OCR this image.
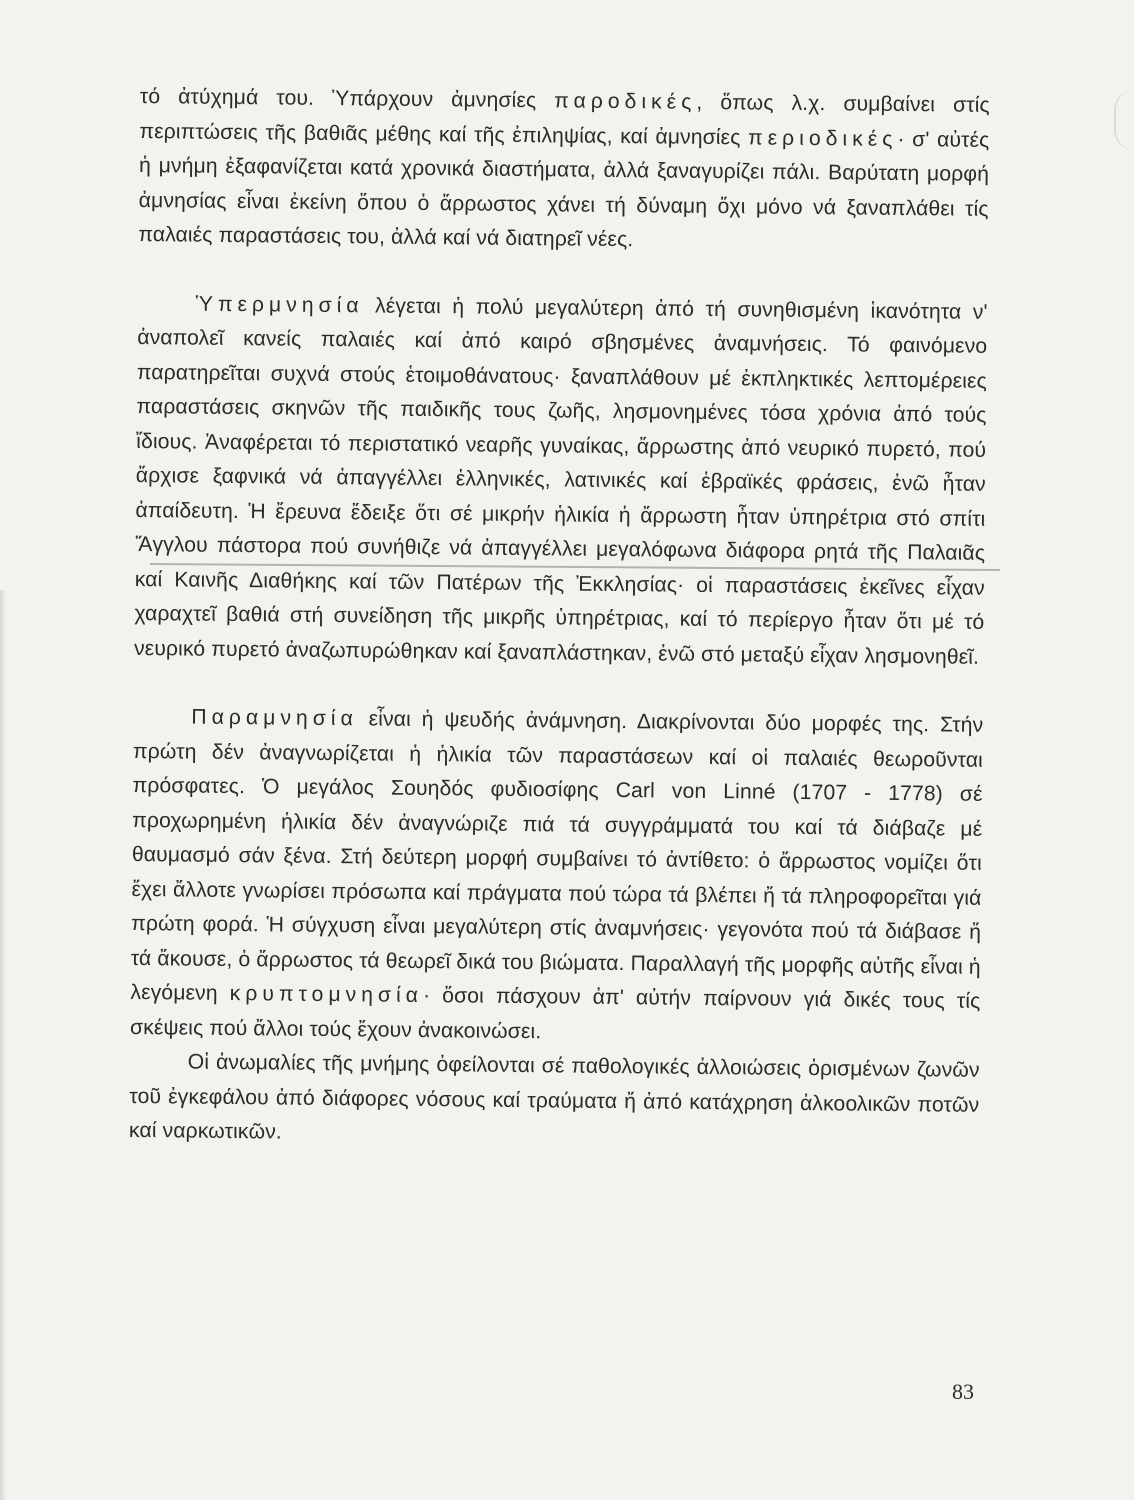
τό ἀτύχημά του. Ὑπάρχουν ἀμνησίες παροδικές, ὅπως λ.χ. συμβαίνει στίς περιπτώσεις τῆς βαθιᾶς μέθης καί τῆς ἐπιληψίας, καί ἀμνησίες περιοδικές· σ' αὐτές ἡ μνήμη ἐξαφανίζεται κατά χρονικά διαστήματα, ἀλλά ξαναγυρίζει πάλι. Βαρύτατη μορφή ἀμνησίας εἶναι ἐκείνη ὅπου ὁ ἄρρωστος χάνει τή δύναμη ὄχι μόνο νά ξαναπλάθει τίς παλαιές παραστάσεις του, ἀλλά καί νά διατηρεῖ νέες.

Ὑπερμνησία λέγεται ἡ πολύ μεγαλύτερη ἀπό τή συνηθισμένη ἱκανότητα ν' ἀναπολεῖ κανείς παλαιές καί ἀπό καιρό σβησμένες ἀναμνήσεις. Τό φαινόμενο παρατηρεῖται συχνά στούς ἑτοιμοθάνατους· ξαναπλάθουν μέ ἐκπληκτικές λεπτομέρειες παραστάσεις σκηνῶν τῆς παιδικῆς τους ζωῆς, λησμονημένες τόσα χρόνια ἀπό τούς ἴδιους. Ἀναφέρεται τό περιστατικό νεαρῆς γυναίκας, ἄρρωστης ἀπό νευρικό πυρετό, πού ἄρχισε ξαφνικά νά ἀπαγγέλλει ἑλληνικές, λατινικές καί ἑβραϊκές φράσεις, ἐνῶ ἦταν ἀπαίδευτη. Ἡ ἔρευνα ἔδειξε ὅτι σέ μικρήν ἡλικία ἡ ἄρρωστη ἦταν ὑπηρέτρια στό σπίτι Ἄγγλου πάστορα πού συνήθιζε νά ἀπαγγέλλει μεγαλόφωνα διάφορα ρητά τῆς Παλαιᾶς καί Καινῆς Διαθήκης καί τῶν Πατέρων τῆς Ἐκκλησίας· οἱ παραστάσεις ἐκεῖνες εἶχαν χαραχτεῖ βαθιά στή συνείδηση τῆς μικρῆς ὑπηρέτριας, καί τό περίεργο ἦταν ὅτι μέ τό νευρικό πυρετό ἀναζωπυρώθηκαν καί ξαναπλάστηκαν, ἐνῶ στό μεταξύ εἶχαν λησμονηθεῖ.

Παραμνησία εἶναι ἡ ψευδής ἀνάμνηση. Διακρίνονται δύο μορφές της. Στήν πρώτη δέν ἀναγνωρίζεται ἡ ἡλικία τῶν παραστάσεων καί οἱ παλαιές θεωροῦνται πρόσφατες. Ὁ μεγάλος Σουηδός φυδιοσίφης Carl von Linné (1707 - 1778) σέ προχωρημένη ἡλικία δέν ἀναγνώριζε πιά τά συγγράμματά του καί τά διάβαζε μέ θαυμασμό σάν ξένα. Στή δεύτερη μορφή συμβαίνει τό ἀντίθετο: ὁ ἄρρωστος νομίζει ὅτι ἔχει ἄλλοτε γνωρίσει πρόσωπα καί πράγματα πού τώρα τά βλέπει ἤ τά πληροφορεῖται γιά πρώτη φορά. Ἡ σύγχυση εἶναι μεγαλύτερη στίς ἀναμνήσεις· γεγονότα πού τά διάβασε ἤ τά ἄκουσε, ὁ ἄρρωστος τά θεωρεῖ δικά του βιώματα. Παραλλαγή τῆς μορφῆς αὐτῆς εἶναι ἡ λεγόμενη κρυπτομνησία· ὅσοι πάσχουν ἀπ' αὐτήν παίρνουν γιά δικές τους τίς σκέψεις πού ἄλλοι τούς ἔχουν ἀνακοινώσει.

Οἱ ἀνωμαλίες τῆς μνήμης ὀφείλονται σέ παθολογικές ἀλλοιώσεις ὁρισμένων ζωνῶν τοῦ ἐγκεφάλου ἀπό διάφορες νόσους καί τραύματα ἤ ἀπό κατάχρηση ἀλκοολικῶν ποτῶν καί ναρκωτικῶν.

83
